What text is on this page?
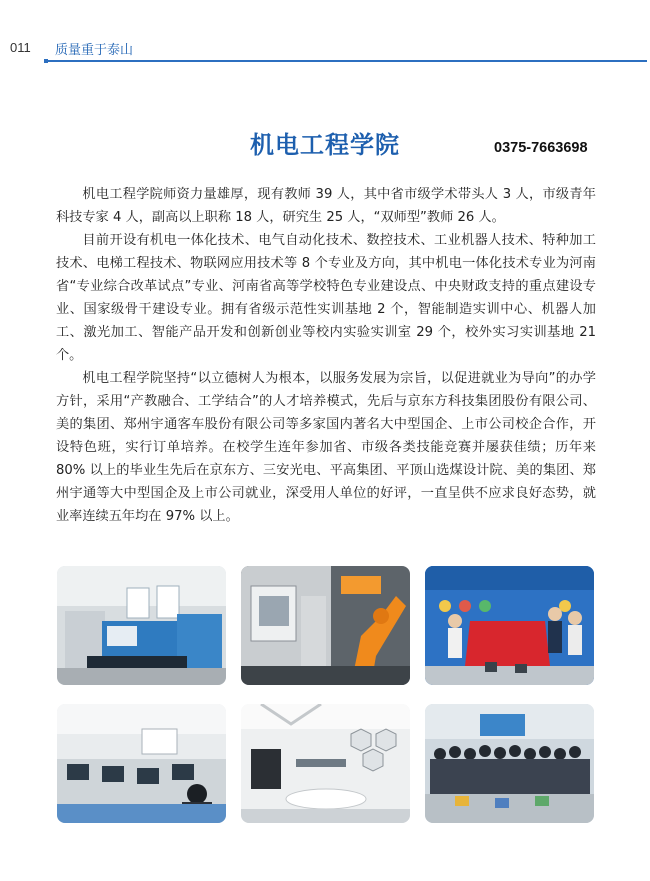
011 质量重于泰山
机电工程学院	0375-7663698

机电工程学院师资力量雄厚，现有教师 39 人，其中省市级学术带头人 3 人，市级青年科技专家 4 人，副高以上职称 18 人，研究生 25 人，“双师型”教师 26 人。

目前开设有机电一体化技术、电气自动化技术、数控技术、工业机器人技术、特种加工技术、电梯工程技术、物联网应用技术等 8 个专业及方向，其中机电一体化技术专业为河南省“专业综合改革试点”专业、河南省高等学校特色专业建设点、中央财政支持的重点建设专业、国家级骨干建设专业。拥有省级示范性实训基地 2 个，智能制造实训中心、机器人加工、激光加工、智能产品开发和创新创业等校内实验实训室 29 个，校外实习实训基地 21 个。

机电工程学院坚持“以立德树人为根本，以服务发展为宗旨，以促进就业为导向”的办学方针，采用“产教融合、工学结合”的人才培养模式，先后与京东方科技集团股份有限公司、美的集团、郑州宇通客车股份有限公司等多家国内著名大中型国企、上市公司校企合作，开设特色班，实行订单培养。在校学生连年参加省、市级各类技能竞赛并屡获佳绩；历年来 80% 以上的毕业生先后在京东方、三安光电、平高集团、平顶山选煤设计院、美的集团、郑州宇通等大中型国企及上市公司就业，深受用人单位的好评，一直呈供不应求良好态势，就业率连续五年均在 97% 以上。
